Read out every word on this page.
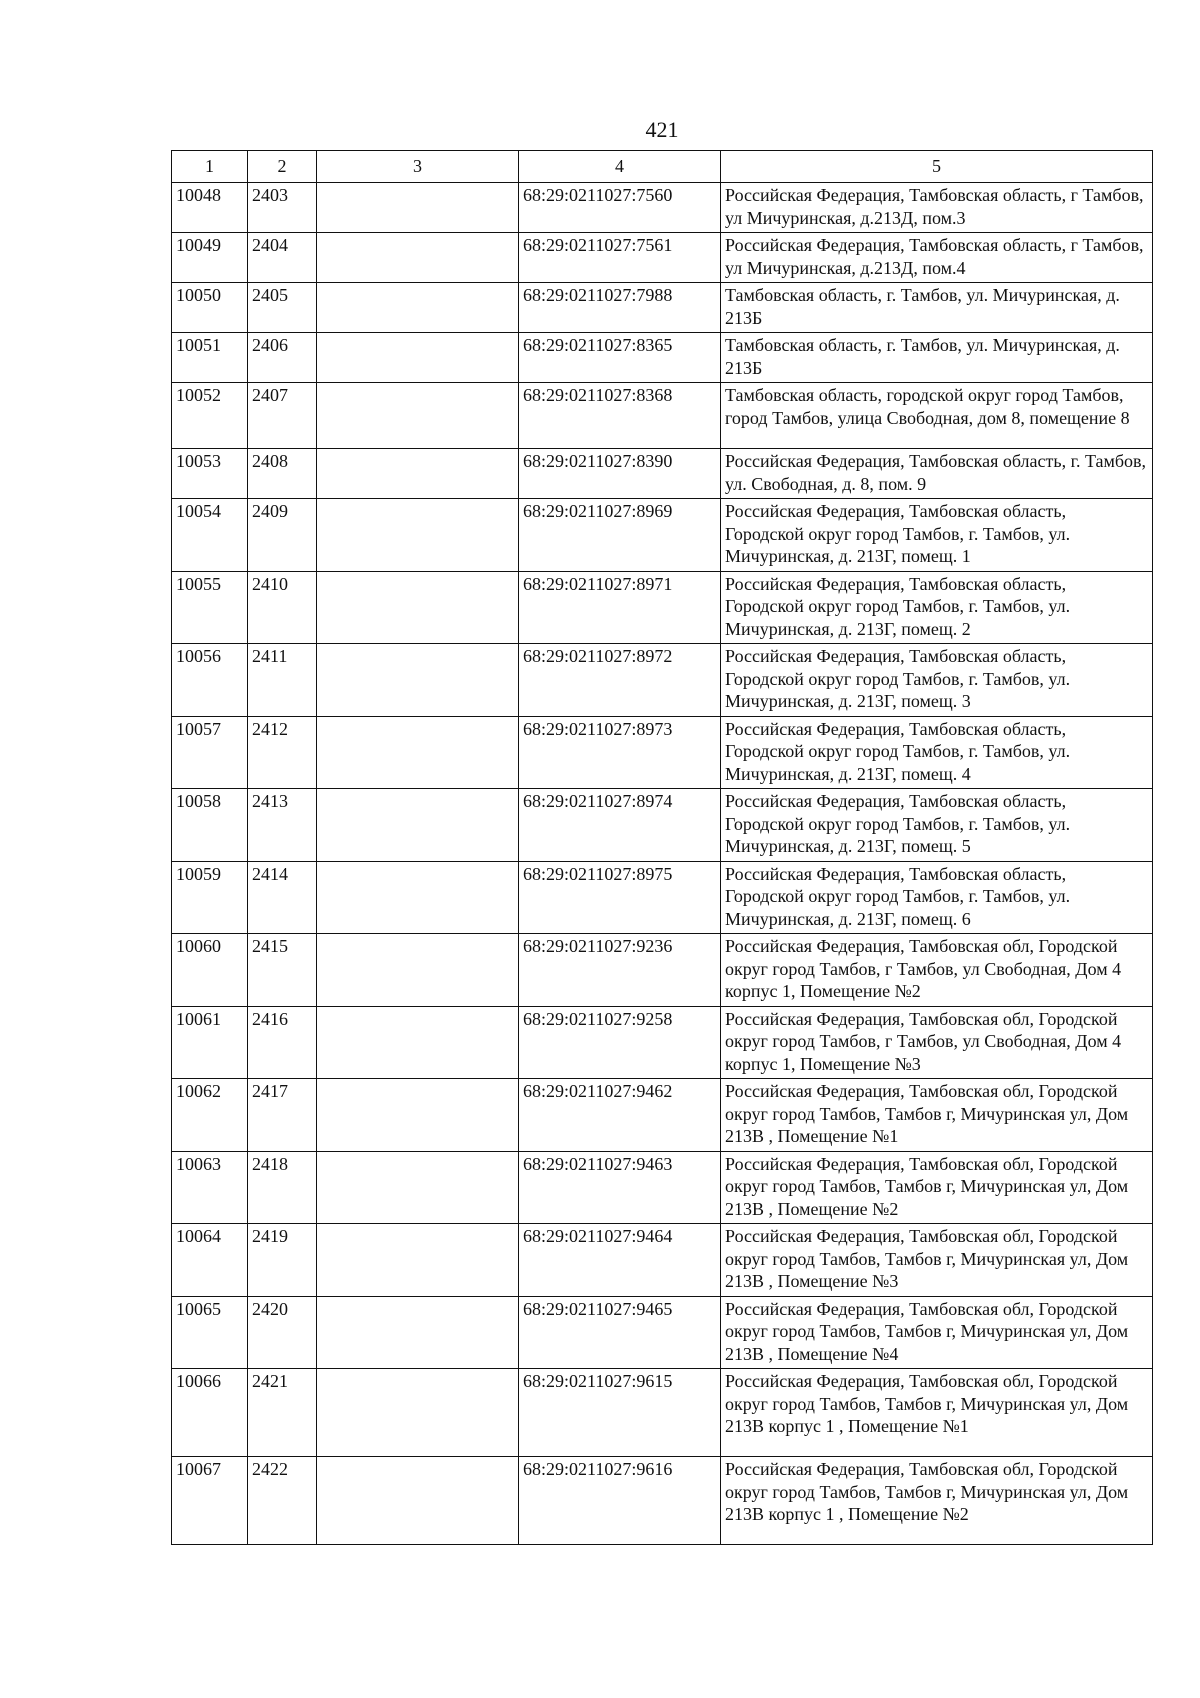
421
1	2	3	4	5
10048	2403		68:29:0211027:7560	Российская Федерация, Тамбовская область, г Тамбов, ул Мичуринская, д.213Д, пом.3
10049	2404		68:29:0211027:7561	Российская Федерация, Тамбовская область, г Тамбов, ул Мичуринская, д.213Д, пом.4
10050	2405		68:29:0211027:7988	Тамбовская область, г. Тамбов, ул. Мичуринская, д. 213Б
10051	2406		68:29:0211027:8365	Тамбовская область, г. Тамбов, ул. Мичуринская, д. 213Б
10052	2407		68:29:0211027:8368	Тамбовская область, городской округ город Тамбов, город Тамбов, улица Свободная, дом 8, помещение 8
10053	2408		68:29:0211027:8390	Российская Федерация, Тамбовская область, г. Тамбов, ул. Свободная, д. 8, пом. 9
10054	2409		68:29:0211027:8969	Российская Федерация, Тамбовская область, Городской округ город Тамбов, г. Тамбов, ул. Мичуринская, д. 213Г, помещ. 1
10055	2410		68:29:0211027:8971	Российская Федерация, Тамбовская область, Городской округ город Тамбов, г. Тамбов, ул. Мичуринская, д. 213Г, помещ. 2
10056	2411		68:29:0211027:8972	Российская Федерация, Тамбовская область, Городской округ город Тамбов, г. Тамбов, ул. Мичуринская, д. 213Г, помещ. 3
10057	2412		68:29:0211027:8973	Российская Федерация, Тамбовская область, Городской округ город Тамбов, г. Тамбов, ул. Мичуринская, д. 213Г, помещ. 4
10058	2413		68:29:0211027:8974	Российская Федерация, Тамбовская область, Городской округ город Тамбов, г. Тамбов, ул. Мичуринская, д. 213Г, помещ. 5
10059	2414		68:29:0211027:8975	Российская Федерация, Тамбовская область, Городской округ город Тамбов, г. Тамбов, ул. Мичуринская, д. 213Г, помещ. 6
10060	2415		68:29:0211027:9236	Российская Федерация, Тамбовская обл, Городской округ город Тамбов, г Тамбов, ул Свободная, Дом 4 корпус 1, Помещение №2
10061	2416		68:29:0211027:9258	Российская Федерация, Тамбовская обл, Городской округ город Тамбов, г Тамбов, ул Свободная, Дом 4 корпус 1, Помещение №3
10062	2417		68:29:0211027:9462	Российская Федерация, Тамбовская обл, Городской округ город Тамбов, Тамбов г, Мичуринская ул, Дом 213В , Помещение №1
10063	2418		68:29:0211027:9463	Российская Федерация, Тамбовская обл, Городской округ город Тамбов, Тамбов г, Мичуринская ул, Дом 213В , Помещение №2
10064	2419		68:29:0211027:9464	Российская Федерация, Тамбовская обл, Городской округ город Тамбов, Тамбов г, Мичуринская ул, Дом 213В , Помещение №3
10065	2420		68:29:0211027:9465	Российская Федерация, Тамбовская обл, Городской округ город Тамбов, Тамбов г, Мичуринская ул, Дом 213В , Помещение №4
10066	2421		68:29:0211027:9615	Российская Федерация, Тамбовская обл, Городской округ город Тамбов, Тамбов г, Мичуринская ул, Дом 213В корпус 1 , Помещение №1
10067	2422		68:29:0211027:9616	Российская Федерация, Тамбовская обл, Городской округ город Тамбов, Тамбов г, Мичуринская ул, Дом 213В корпус 1 , Помещение №2
